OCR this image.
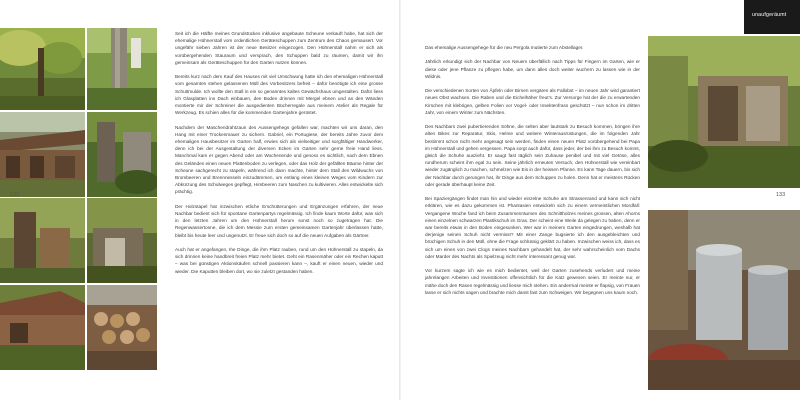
132

Seit ich die Hälfte meines Grundstückes inklusive angebaute Scheune verkauft habe, hat sich der ehemalige Hühnerstall vom ordentlichen Geräteschuppen zum Zentrum des Chaos gemausert. Vor ungefähr sieben Jahren ist der neue Besitzer eingezogen. Den Hühnerstall nahm er sich als vorübergehenden Stauraum und versprach, den Schuppen bald zu räumen, damit wir ihn gemeinsam als Geräteschuppen für den Garten nutzen können.

Bereits kurz nach dem Kauf des Hauses mit viel Umschwung hatte ich den ehemaligen Hühnerstall vom gesamten stehen gelassenen Müll des Vorbesitzers befreit – dafür benötigte ich eine grosse Schuttmulde. Ich wollte den Stall in ein so genanntes kaltes Gewächshaus umgestalten. Dafür liess ich Glasplatten ins Dach einbauen, den Boden drinnen mit Mergel ebnen und an den Wänden montierte mir der Schreiner die ausgedienten Bücherregale aus meinem Atelier als Regale für Werkzeug. Es schien alles für die kommenden Gartenjahre gerüstet.

Nachdem der Maschendrahtzaun des Aussengehegs gefallen war, machten wir uns daran, den Hang mit einer Trockenmauer zu sichern. Gabriel, ein Portugiese, der bereits Jahre zuvor dem ehemaligen Hausbesitzer im Garten half, erwies sich als vielseitiger und sorgfältiger Handwerker, denn ich bei der Ausgestaltung der diversen Ecken im Garten sehr gerne freie Hand liess. Manchmal kam er gegen Abend oder am Wochenende und genoss es sichtlich, nach dem Ebnen des Geländes einen neuen Plattenboden zu verlegen, oder das Holz der gefällten Bäume hinter der Scheune sachgerecht zu stapeln, während ich dann machte, hinter dem Stall den Wildwuchs von Brombeeren und Brennnesseln einzudämmen, um entlang eines kleinen Weges vom Kindern zur Abkürzung des Schulweges gepflegt, Himbeeren zum Naschen zu kultivieren. Alles entwickelte sich prächtig.

Der Holzstapel hat inzwischen etliche Erschütterungen und Ergänzungen erfahren, der neue Nachbar bedient sich für spontane Gartenpartys regelmässig. Ich finde kaum Worte dafür, was sich in den letzten Jahren um den Hühnerstall herum sonst noch so zugetragen hat. Die Regenwassertonne, die ich dem Messie zum ersten gemeinsamen Gartenjahr überlassen hatte, bleibt bis heute leer und ungenutzt. Er freue sich doch so auf die neuen Aufgaben als Gärtner.

Auch hat er angefangen, Ihe Dinge, die ihm Platz rauben, rund um den Hühnerstall zu stapeln, da sich drinnen keine handbreit freien Platz mehr bietet. Geht ein Rasenmäher oder ein Rechen kaputt – was bei günstigen Aktionskäufen schnell passieren kann –, kauft er einen neuen, wieder und wieder. Die Kaputten bleiben dort, wo sie zuletzt gestanden haben.

unaufgeräumt

Das ehemalige Aussengehege für die neu Pergola mutierte zum Abstellager.

Jährlich erkundigt sich der Nachbar von Neuem überfällich nach Tipps für Fingern im Garten, wie er diese oder jene Pflanze zu pflegen habe, um dann alles doch weiter wuchern zu lassen wie in der Wildnis.

Die verschiedenen Sorten von Äpfeln oder Birnen vergären als Fallobst – im neuen Jahr wird garantiert neues Obst wachsen. Die Raben und die Eichelhäher freut's. Zur Versorge hat der die zu erwartenden Kirschen mit klebrigen, gelben Folien vor Vogel- oder Insektenfrass geschützt – nun schon im dritten Jahr, von einem Winter zum Nächsten.

Des Nachbars zwei pubertierenden Söhne, die selten aber lautstark zu Besuch kommen, bringen ihre alten Bikes zur Reparatur, Skis, Helme und weitere Winterausrüstungen, die im folgenden Jahr bestimmt schon nicht mehr angesagt sein werden, finden einen neuen Platz vorübergehend bei Papa im Hühnerstall und gehen vergessen. Papa sorgt auch dafür, dass jeder, der bei ihm zu Besuch kommt, gleich die Schuhe auszieht. Er saugt fast täglich sein Zuhause penibel und mit viel Getöse, alles rundherum scheint ihm egal zu sein. Seine jährlich erneuten Versuch, den Hühnerstall wie vereinbart wieder zugänglich zu machen, schmelzen wie Eis in der heissen Pfanne. Es kann Tage dauern, bis sich der Nachbar durch gerungen hat, ihr Dinge aus dem Schuppen zu holen. Denn hat er meistens Rücken oder gerade überhaupt keine Zeit.

Bei Spaziergängen findet man hin und wieder einzelne Schuhe am Strassenrand und kann sich nicht erklären, wie es dazu gekommen ist. Phantasien entwickeln sich zu einem vermeintlichen Mordfall: Vergangene Woche fand ich beim Zusammenräumen des Schnittholzes meines grossen, alten Ahorns einen einzelnen schwarzen Plastikschuh im Gras. Der scheint eine Weile da gelegen zu haben, denn er war bereits etwas in den Boden eingesunken. Wer war in meinem Garten eingedrungen, weshalb hat derjenige seinen Schuh nicht vermisst? Mit einer Zange bugsierte ich den ausgebleichten und brüchigen Schuh in den Müll, ohne die Frage schlüssig geklärt zu haben. Inzwischen weiss ich, dass es sich um einen von zwei Clogs meines Nachbarn gehandelt hat, der sehr wahrscheinlich vom Dachs oder Marder des Nachts als Spielzeug nicht mehr interessant genug war.

Vor kurzem sagte ich wie es mich bedientet, weil der Garten zusehends verludert und meine jahrelangen Arbeiten und Investitionen offensichtlich für die Katz gewesen seien. Er meinte nur, er mähe doch den Rasen regelmässig und liesse mich stehen. Ein andermal meinte er flapsig, von Frauen lasse er sich nichts sagen und brachte mich damit fast zum Schweigen. Wir begegnen uns kaum noch.

133
